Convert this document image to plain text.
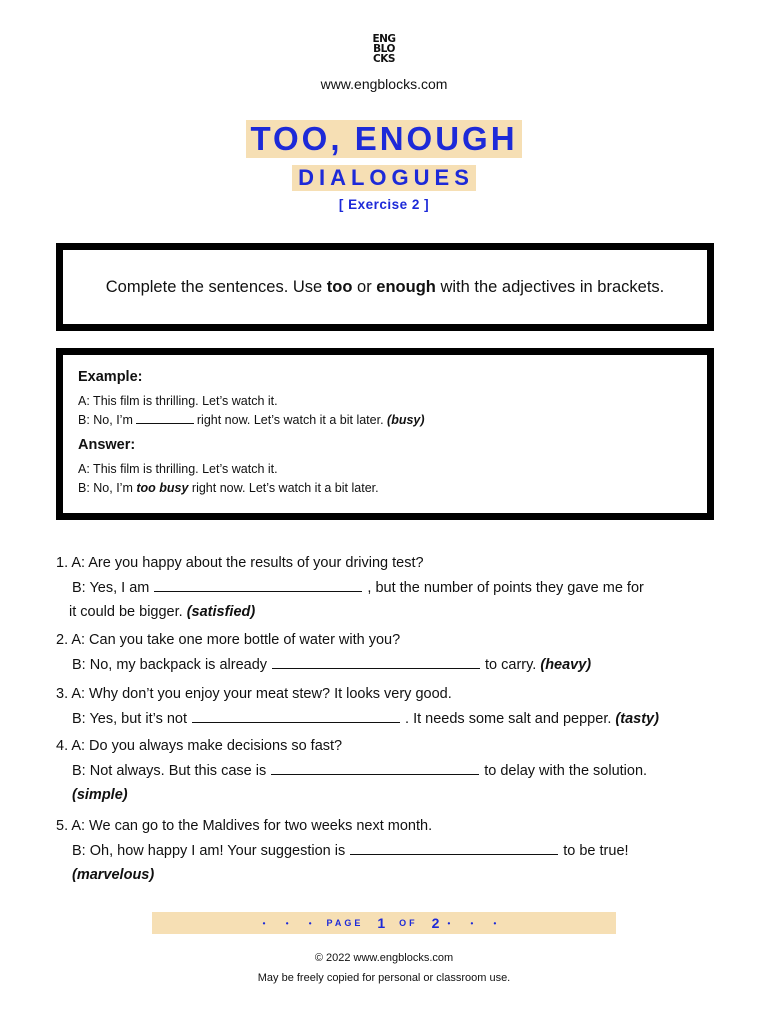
ENG
BLO
CKS
www.engblocks.com
TOO, ENOUGH
DIALOGUES
[ Exercise 2 ]
Complete the sentences. Use too or enough with the adjectives in brackets.
Example:
A: This film is thrilling. Let’s watch it.
B: No, I’m	right now. Let’s watch it a bit later. (busy)
Answer:
A: This film is thrilling. Let’s watch it.
B: No, I’m too busy right now. Let’s watch it a bit later.
1. A: Are you happy about the results of your driving test?
B: Yes, I am	, but the number of points they gave me for
it could be bigger. (satisfied)
2. A: Can you take one more bottle of water with you?
B: No, my backpack is already	to carry. (heavy)
3. A: Why don’t you enjoy your meat stew? It looks very good.
B: Yes, but it’s not	. It needs some salt and pepper. (tasty)
4. A: Do you always make decisions so fast?
B: Not always. But this case is	to delay with the solution.
(simple)
5. A: We can go to the Maldives for two weeks next month.
B: Oh, how happy I am! Your suggestion is	to be true!
(marvelous)
• • • PAGE 1 OF 2 • • •
© 2022 www.engblocks.com
May be freely copied for personal or classroom use.
